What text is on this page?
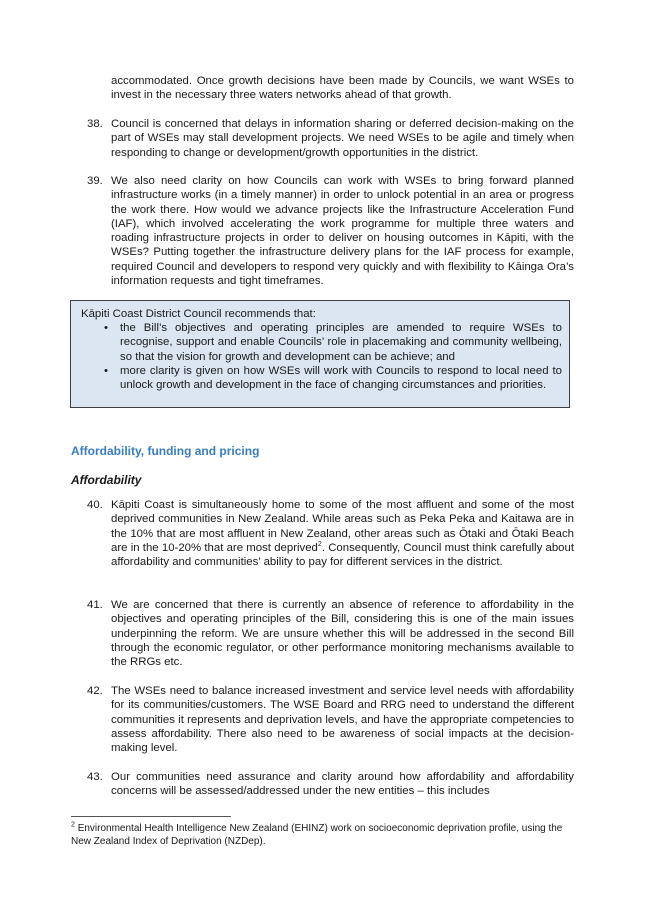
accommodated. Once growth decisions have been made by Councils, we want WSEs to invest in the necessary three waters networks ahead of that growth.
38. Council is concerned that delays in information sharing or deferred decision-making on the part of WSEs may stall development projects. We need WSEs to be agile and timely when responding to change or development/growth opportunities in the district.
39. We also need clarity on how Councils can work with WSEs to bring forward planned infrastructure works (in a timely manner) in order to unlock potential in an area or progress the work there. How would we advance projects like the Infrastructure Acceleration Fund (IAF), which involved accelerating the work programme for multiple three waters and roading infrastructure projects in order to deliver on housing outcomes in Kāpiti, with the WSEs? Putting together the infrastructure delivery plans for the IAF process for example, required Council and developers to respond very quickly and with flexibility to Kāinga Ora’s information requests and tight timeframes.
Kāpiti Coast District Council recommends that:
• the Bill’s objectives and operating principles are amended to require WSEs to recognise, support and enable Councils’ role in placemaking and community wellbeing, so that the vision for growth and development can be achieve; and
• more clarity is given on how WSEs will work with Councils to respond to local need to unlock growth and development in the face of changing circumstances and priorities.
Affordability, funding and pricing
Affordability
40. Kāpiti Coast is simultaneously home to some of the most affluent and some of the most deprived communities in New Zealand. While areas such as Peka Peka and Kaitawa are in the 10% that are most affluent in New Zealand, other areas such as Ōtaki and Ōtaki Beach are in the 10-20% that are most deprived$^2$. Consequently, Council must think carefully about affordability and communities’ ability to pay for different services in the district.
41. We are concerned that there is currently an absence of reference to affordability in the objectives and operating principles of the Bill, considering this is one of the main issues underpinning the reform. We are unsure whether this will be addressed in the second Bill through the economic regulator, or other performance monitoring mechanisms available to the RRGs etc.
42. The WSEs need to balance increased investment and service level needs with affordability for its communities/customers. The WSE Board and RRG need to understand the different communities it represents and deprivation levels, and have the appropriate competencies to assess affordability. There also need to be awareness of social impacts at the decision-making level.
43. Our communities need assurance and clarity around how affordability and affordability concerns will be assessed/addressed under the new entities – this includes
$^2$ Environmental Health Intelligence New Zealand (EHINZ) work on socioeconomic deprivation profile, using the New Zealand Index of Deprivation (NZDep).
